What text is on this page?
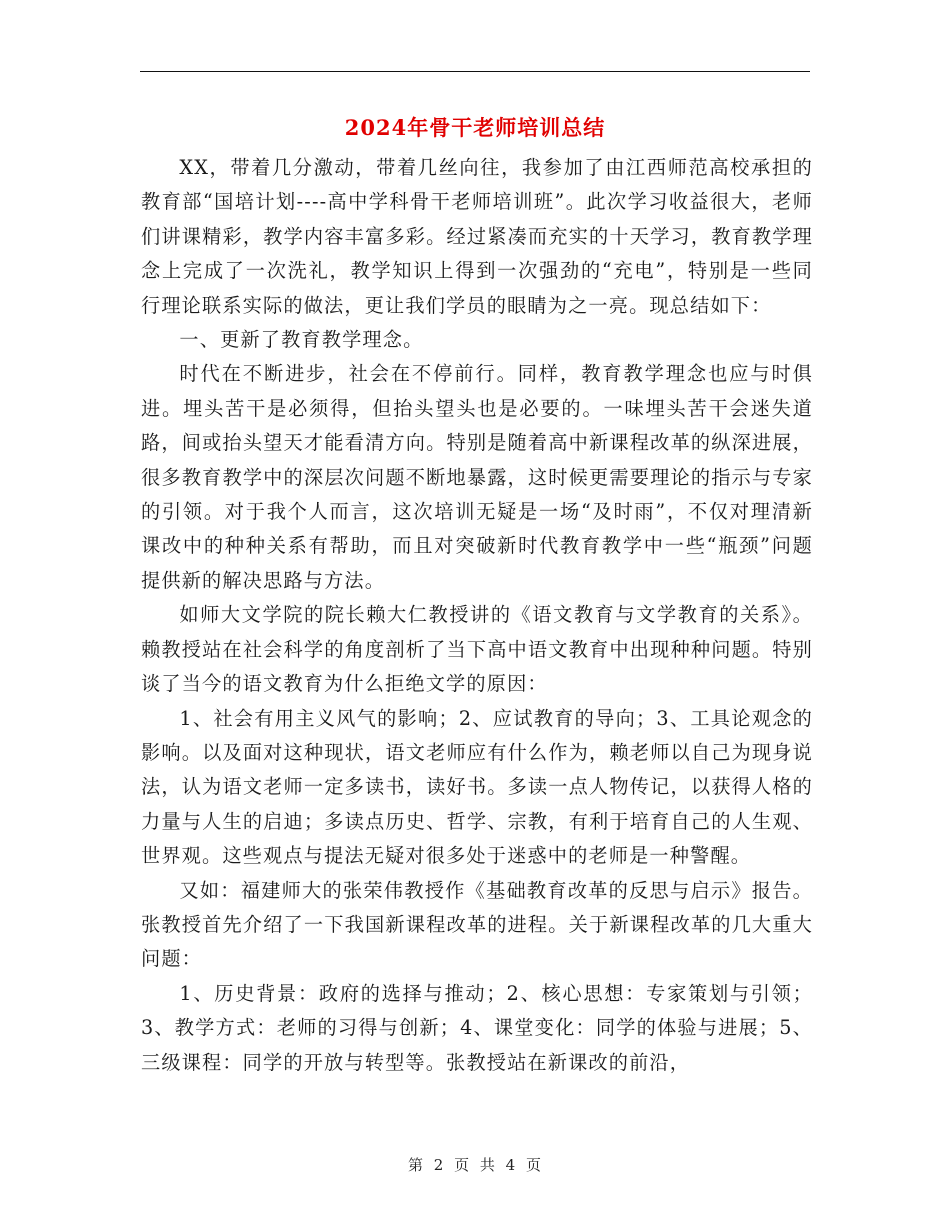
2024年骨干老师培训总结

XX，带着几分激动，带着几丝向往，我参加了由江西师范高校承担的教育部“国培计划----高中学科骨干老师培训班”。此次学习收益很大，老师们讲课精彩，教学内容丰富多彩。经过紧凑而充实的十天学习，教育教学理念上完成了一次洗礼，教学知识上得到一次强劲的“充电”，特别是一些同行理论联系实际的做法，更让我们学员的眼睛为之一亮。现总结如下：

一、更新了教育教学理念。

时代在不断进步，社会在不停前行。同样，教育教学理念也应与时俱进。埋头苦干是必须得，但抬头望头也是必要的。一味埋头苦干会迷失道路，间或抬头望天才能看清方向。特别是随着高中新课程改革的纵深进展，很多教育教学中的深层次问题不断地暴露，这时候更需要理论的指示与专家的引领。对于我个人而言，这次培训无疑是一场“及时雨”，不仅对理清新课改中的种种关系有帮助，而且对突破新时代教育教学中一些“瓶颈”问题提供新的解决思路与方法。

如师大文学院的院长赖大仁教授讲的《语文教育与文学教育的关系》。赖教授站在社会科学的角度剖析了当下高中语文教育中出现种种问题。特别谈了当今的语文教育为什么拒绝文学的原因：

1、社会有用主义风气的影响；2、应试教育的导向；3、工具论观念的影响。以及面对这种现状，语文老师应有什么作为，赖老师以自己为现身说法，认为语文老师一定多读书，读好书。多读一点人物传记，以获得人格的力量与人生的启迪；多读点历史、哲学、宗教，有利于培育自己的人生观、世界观。这些观点与提法无疑对很多处于迷惑中的老师是一种警醒。

又如：福建师大的张荣伟教授作《基础教育改革的反思与启示》报告。张教授首先介绍了一下我国新课程改革的进程。关于新课程改革的几大重大问题：

1、历史背景：政府的选择与推动；2、核心思想：专家策划与引领；3、教学方式：老师的习得与创新；4、课堂变化：同学的体验与进展；5、三级课程：同学的开放与转型等。张教授站在新课改的前沿，

第 2 页 共 4 页
